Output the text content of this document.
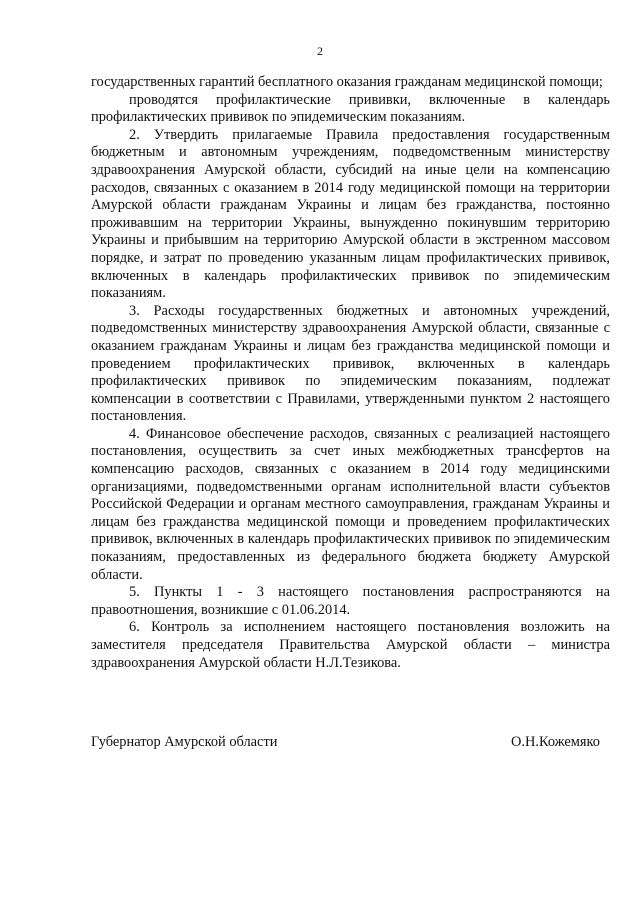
2

государственных гарантий бесплатного оказания гражданам медицинской помощи;

проводятся профилактические прививки, включенные в календарь профилактических прививок по эпидемическим показаниям.

2. Утвердить прилагаемые Правила предоставления государственным бюджетным и автономным учреждениям, подведомственным министерству здравоохранения Амурской области, субсидий на иные цели на компенсацию расходов, связанных с оказанием в 2014 году медицинской помощи на территории Амурской области гражданам Украины и лицам без гражданства, постоянно проживавшим на территории Украины, вынужденно покинувшим территорию Украины и прибывшим на территорию Амурской области в экстренном массовом порядке, и затрат по проведению указанным лицам профилактических прививок, включенных в календарь профилактических прививок по эпидемическим показаниям.

3. Расходы государственных бюджетных и автономных учреждений, подведомственных министерству здравоохранения Амурской области, связанные с оказанием гражданам Украины и лицам без гражданства медицинской помощи и проведением профилактических прививок, включенных в календарь профилактических прививок по эпидемическим показаниям, подлежат компенсации в соответствии с Правилами, утвержденными пунктом 2 настоящего постановления.

4. Финансовое обеспечение расходов, связанных с реализацией настоящего постановления, осуществить за счет иных межбюджетных трансфертов на компенсацию расходов, связанных с оказанием в 2014 году медицинскими организациями, подведомственными органам исполнительной власти субъектов Российской Федерации и органам местного самоуправления, гражданам Украины и лицам без гражданства медицинской помощи и проведением профилактических прививок, включенных в календарь профилактических прививок по эпидемическим показаниям, предоставленных из федерального бюджета бюджету Амурской области.

5. Пункты 1 - 3 настоящего постановления распространяются на правоотношения, возникшие с 01.06.2014.

6. Контроль за исполнением настоящего постановления возложить на заместителя председателя Правительства Амурской области – министра здравоохранения Амурской области Н.Л.Тезикова.

Губернатор Амурской области	О.Н.Кожемяко
